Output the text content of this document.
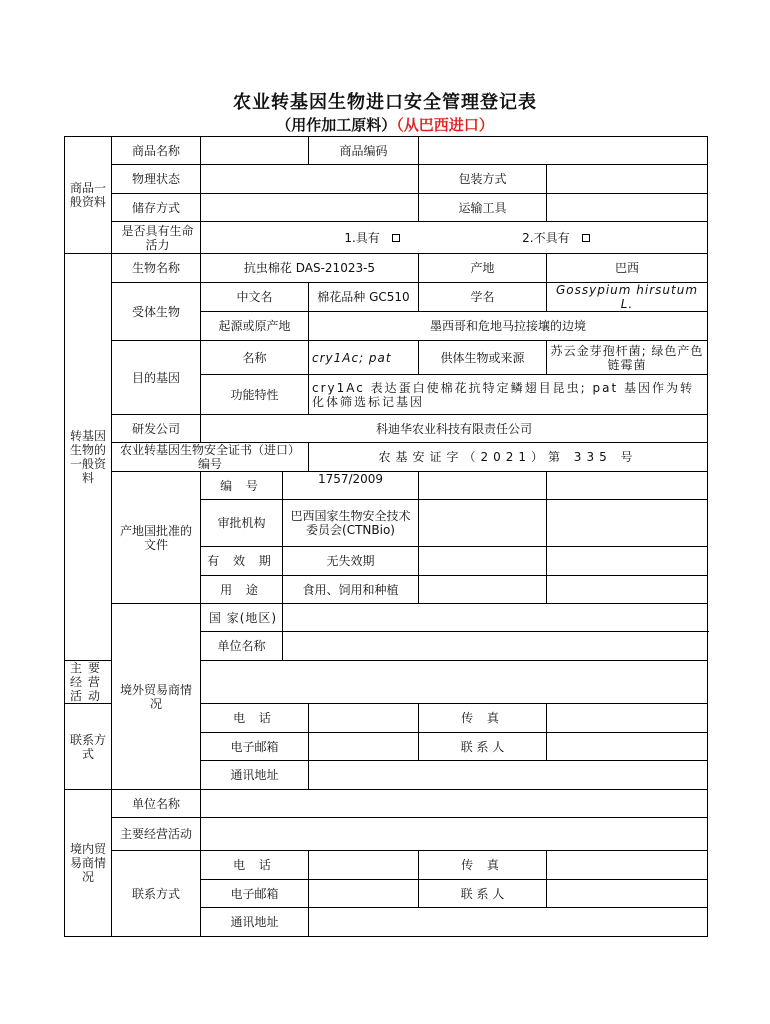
农业转基因生物进口安全管理登记表
（用作加工原料）（从巴西进口）
商品一般资料	商品名称			商品编码		
	物理状态				包装方式	
	储存方式				运输工具	
	是否具有生命活力	1.具有 2.不具有				
转基因生物的一般资料	生物名称	抗虫棉花 DAS-21023-5			产地	巴西
	受体生物	中文名		棉花品种 GC510	学名	Gossypium hirsutum L.
		起源或原产地		墨西哥和危地马拉接壤的边境		
	目的基因	名称		cry1Ac; pat	供体生物或来源	苏云金芽孢杆菌; 绿色产色链霉菌
		功能特性		cry1Ac 表达蛋白使棉花抗特定鳞翅目昆虫; pat 基因作为转化体筛选标记基因		
	研发公司	科迪华农业科技有限责任公司				
	农业转基因生物安全证书（进口）编号			农基安证字（2021）第 335 号		
	产地国批准的文件	编 号	1757/2009			
		审批机构	巴西国家生物安全技术委员会(CTNBio)			
		有 效 期	无失效期			
		用 途	食用、饲用和种植			
	境外贸易商情况	国 家(地区)				
		单位名称				
主要经营活动						
联系方式		电 话			传 真	
		电子邮箱			联 系 人	
		通讯地址				
境内贸易商情况	单位名称					
	主要经营活动					
	联系方式	电 话			传 真	
		电子邮箱			联 系 人	
		通讯地址				
